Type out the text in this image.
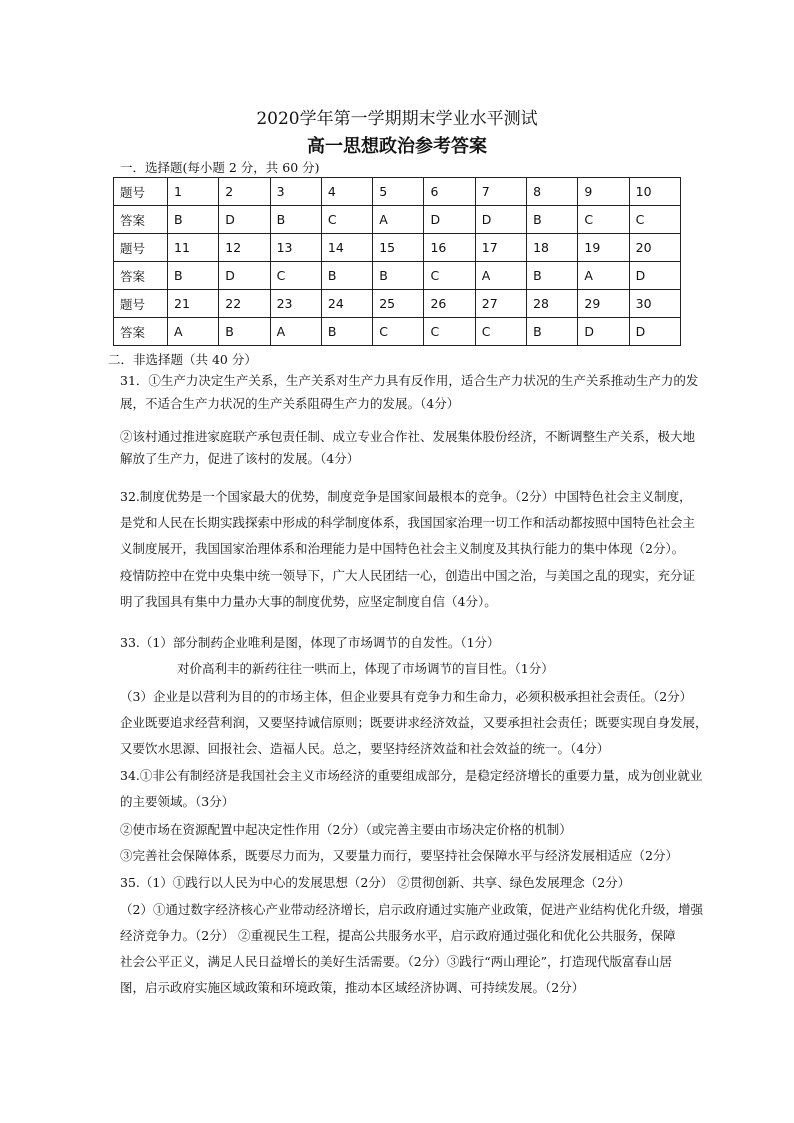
2020学年第一学期期末学业水平测试
高一思想政治参考答案
一．选择题(每小题 2 分，共 60 分)
题号	1	2	3	4	5	6	7	8	9	10
答案	B	D	B	C	A	D	D	B	C	C
题号	11	12	13	14	15	16	17	18	19	20
答案	B	D	C	B	B	C	A	B	A	D
题号	21	22	23	24	25	26	27	28	29	30
答案	A	B	A	B	C	C	C	B	D	D
二．非选择题（共 40 分）
31．①生产力决定生产关系，生产关系对生产力具有反作用，适合生产力状况的生产关系推动生产力的发
展，不适合生产力状况的生产关系阻碍生产力的发展。（4分）
②该村通过推进家庭联产承包责任制、成立专业合作社、发展集体股份经济，不断调整生产关系，极大地
解放了生产力，促进了该村的发展。（4分）
32.制度优势是一个国家最大的优势，制度竞争是国家间最根本的竞争。（2分）中国特色社会主义制度，
是党和人民在长期实践探索中形成的科学制度体系，我国国家治理一切工作和活动都按照中国特色社会主
义制度展开，我国国家治理体系和治理能力是中国特色社会主义制度及其执行能力的集中体现（2分）。
疫情防控中在党中央集中统一领导下，广大人民团结一心，创造出中国之治，与美国之乱的现实，充分证
明了我国具有集中力量办大事的制度优势，应坚定制度自信（4分）。
33.（1）部分制药企业唯利是图，体现了市场调节的自发性。（1分）
对价高利丰的新药往往一哄而上，体现了市场调节的盲目性。（1分）
（3）企业是以营利为目的的市场主体，但企业要具有竞争力和生命力，必须积极承担社会责任。（2分）
企业既要追求经营利润，又要坚持诚信原则；既要讲求经济效益，又要承担社会责任；既要实现自身发展，
又要饮水思源、回报社会、造福人民。总之，要坚持经济效益和社会效益的统一。（4分）
34.①非公有制经济是我国社会主义市场经济的重要组成部分，是稳定经济增长的重要力量，成为创业就业
的主要领域。（3分）
②使市场在资源配置中起决定性作用（2分）（或完善主要由市场决定价格的机制）
③完善社会保障体系，既要尽力而为，又要量力而行，要坚持社会保障水平与经济发展相适应（2分）
35.（1）①践行以人民为中心的发展思想（2分） ②贯彻创新、共享、绿色发展理念（2分）
（2）①通过数字经济核心产业带动经济增长，启示政府通过实施产业政策，促进产业结构优化升级，增强
经济竞争力。（2分） ②重视民生工程，提高公共服务水平，启示政府通过强化和优化公共服务，保障
社会公平正义，满足人民日益增长的美好生活需要。（2分）③践行“两山理论”，打造现代版富春山居
图，启示政府实施区域政策和环境政策，推动本区域经济协调、可持续发展。（2分）
